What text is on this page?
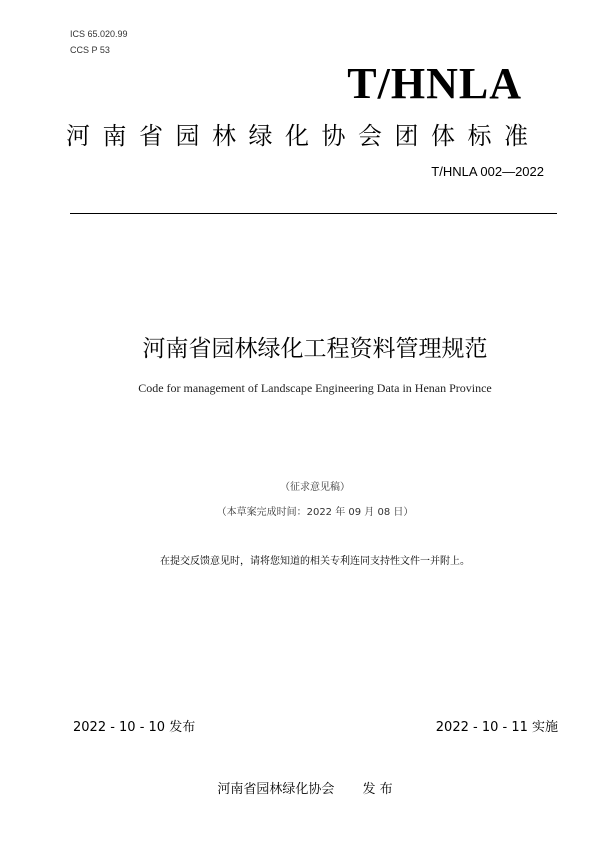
ICS 65.020.99
CCS P 53
T/HNLA
河南省园林绿化协会团体标准
T/HNLA 002—2022
河南省园林绿化工程资料管理规范
Code for management of Landscape Engineering Data in Henan Province
（征求意见稿）
（本草案完成时间：2022 年 09 月 08 日）
在提交反馈意见时，请将您知道的相关专利连同支持性文件一并附上。
2022 - 10 - 10 发布	2022 - 10 - 11 实施
河南省园林绿化协会 发 布
